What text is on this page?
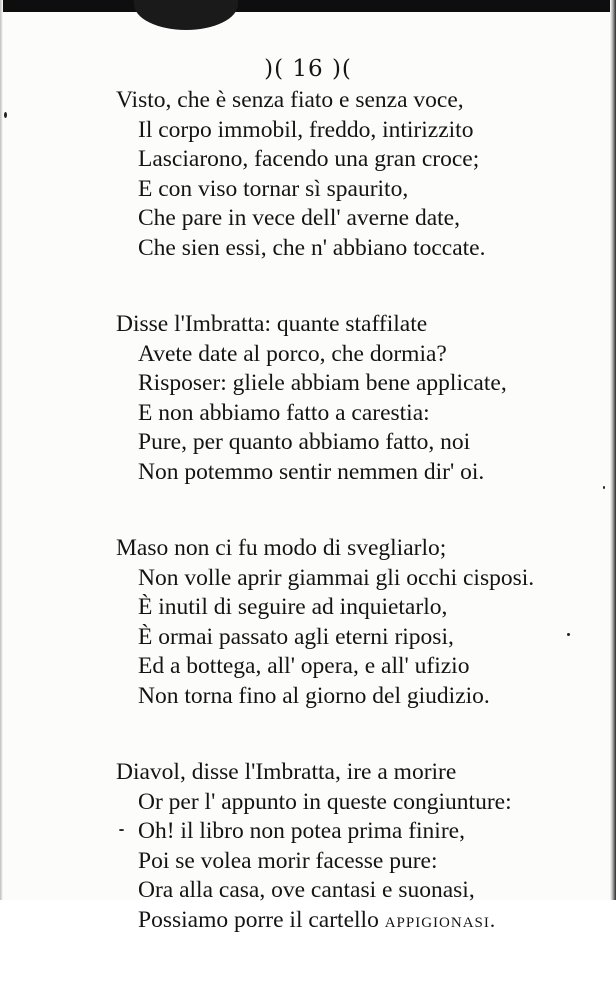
)( 16 )(
Visto, che è senza fiato e senza voce,
Il corpo immobil, freddo, intirizzito
Lasciarono, facendo una gran croce;
E con viso tornar sì spaurito,
Che pare in vece dell' averne date,
Che sien essi, che n' abbiano toccate.
Disse l'Imbratta: quante staffilate
Avete date al porco, che dormia?
Risposer: gliele abbiam bene applicate,
E non abbiamo fatto a carestia:
Pure, per quanto abbiamo fatto, noi
Non potemmo sentir nemmen dir' oi.
Maso non ci fu modo di svegliarlo;
Non volle aprir giammai gli occhi cisposi.
È inutil di seguire ad inquietarlo,
È ormai passato agli eterni riposi,
Ed a bottega, all' opera, e all' ufizio
Non torna fino al giorno del giudizio.
Diavol, disse l'Imbratta, ire a morire
Or per l' appunto in queste congiunture:
Oh! il libro non potea prima finire,
Poi se volea morir facesse pure:
Ora alla casa, ove cantasi e suonasi,
Possiamo porre il cartello appigionasi.
